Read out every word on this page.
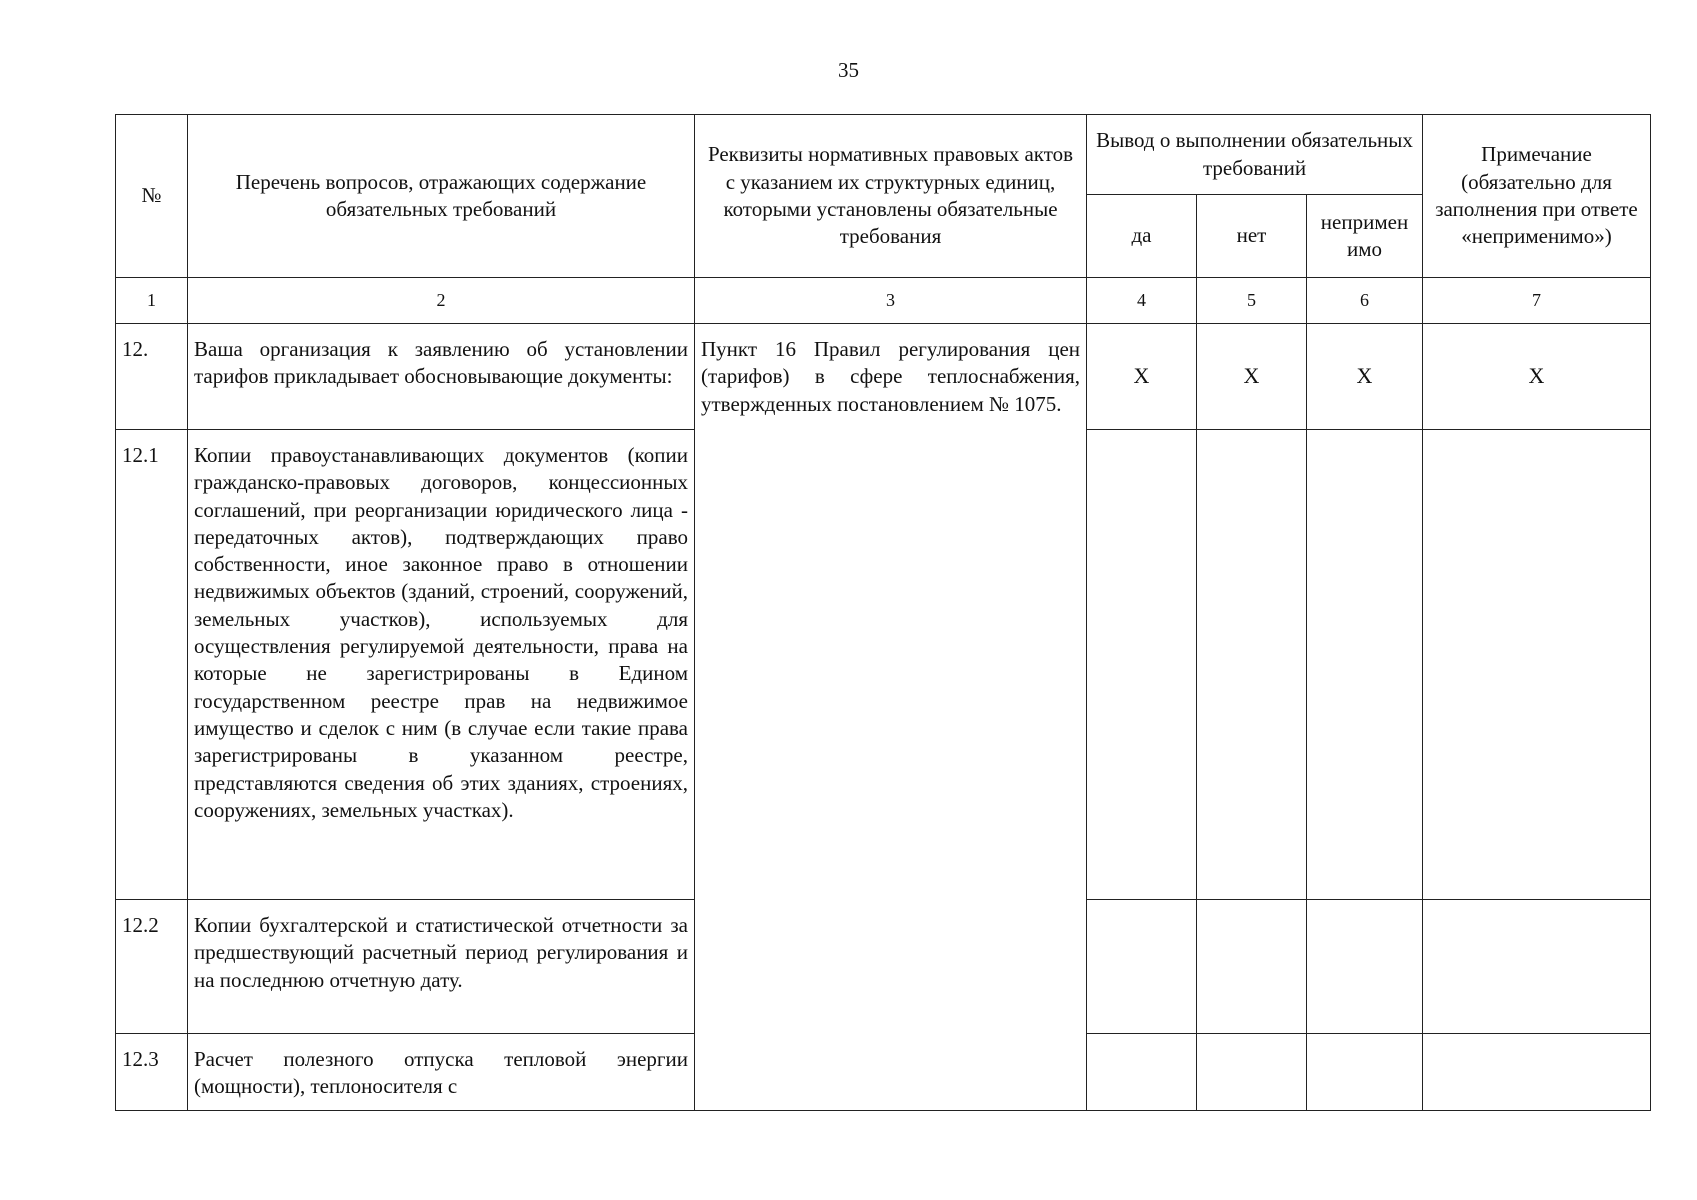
35
№	Перечень вопросов, отражающих содержание обязательных требований	Реквизиты нормативных правовых актов с указанием их структурных единиц, которыми установлены обязательные требования	Вывод о выполнении обязательных требований			Примечание (обязательно для заполнения при ответе «неприменимо»)
			да	нет	непримен имо	
1	2	3	4	5	6	7
12.	Ваша организация к заявлению об установлении тарифов прикладывает обосновывающие документы:	Пункт 16 Правил регулирования цен (тарифов) в сфере теплоснабжения, утвержденных постановлением № 1075.	X	X	X	X
12.1	Копии правоустанавливающих документов (копии гражданско-правовых договоров, концессионных соглашений, при реорганизации юридического лица - передаточных актов), подтверждающих право собственности, иное законное право в отношении недвижимых объектов (зданий, строений, сооружений, земельных участков), используемых для осуществления регулируемой деятельности, права на которые не зарегистрированы в Едином государственном реестре прав на недвижимое имущество и сделок с ним (в случае если такие права зарегистрированы в указанном реестре, представляются сведения об этих зданиях, строениях, сооружениях, земельных участках).					
12.2	Копии бухгалтерской и статистической отчетности за предшествующий расчетный период регулирования и на последнюю отчетную дату.					
12.3	Расчет полезного отпуска тепловой энергии (мощности), теплоносителя с					
